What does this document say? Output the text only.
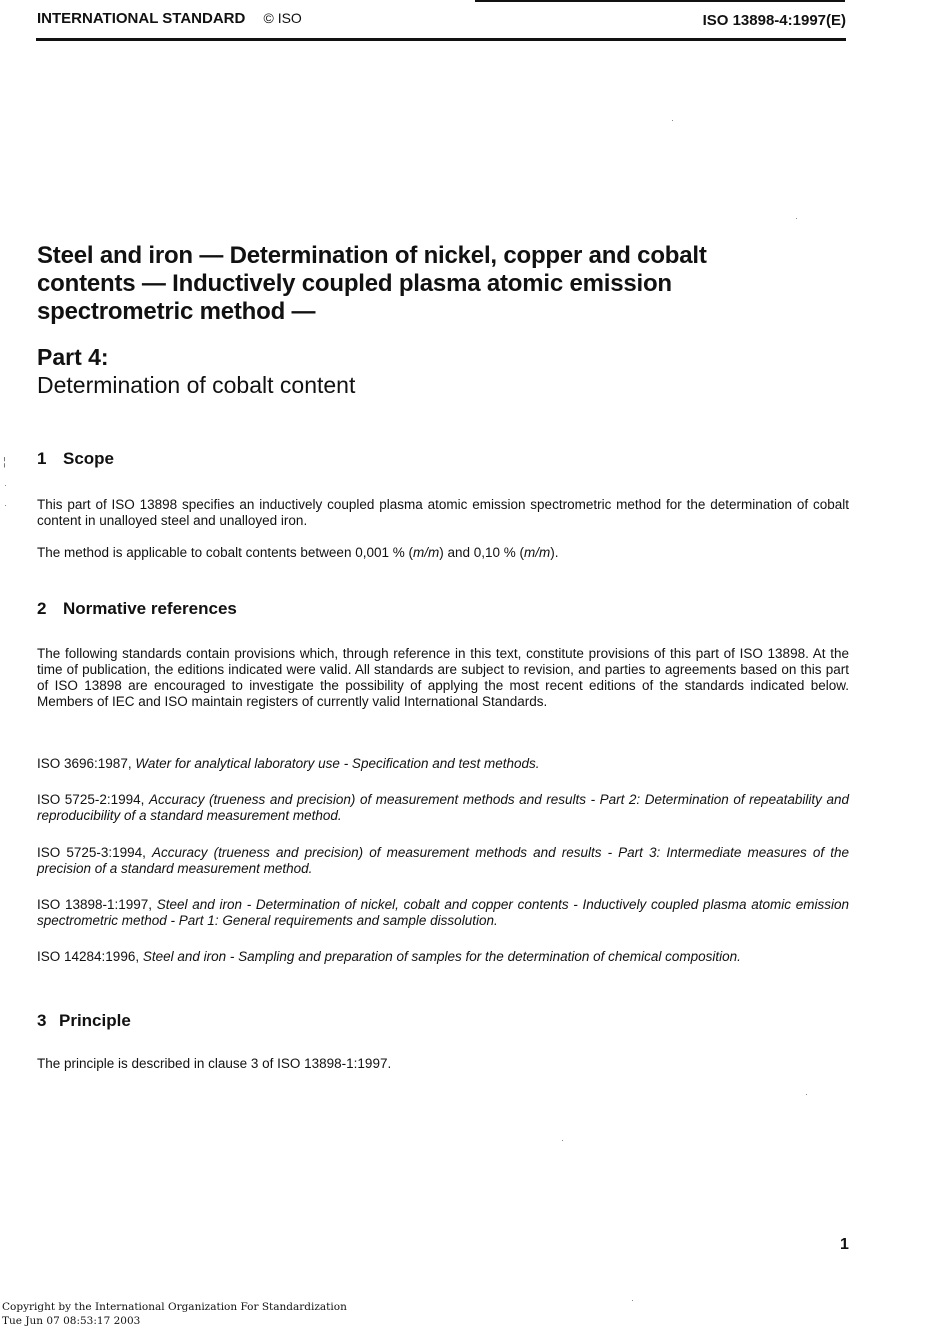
INTERNATIONAL STANDARD © ISO	ISO 13898-4:1997(E)
Steel and iron — Determination of nickel, copper and cobalt contents — Inductively coupled plasma atomic emission spectrometric method —
Part 4:
Determination of cobalt content
¦ 1 Scope
This part of ISO 13898 specifies an inductively coupled plasma atomic emission spectrometric method for the determination of cobalt content in unalloyed steel and unalloyed iron.
The method is applicable to cobalt contents between 0,001 % (m/m) and 0,10 % (m/m).
2 Normative references
The following standards contain provisions which, through reference in this text, constitute provisions of this part of ISO 13898. At the time of publication, the editions indicated were valid. All standards are subject to revision, and parties to agreements based on this part of ISO 13898 are encouraged to investigate the possibility of applying the most recent editions of the standards indicated below. Members of IEC and ISO maintain registers of currently valid International Standards.
ISO 3696:1987, Water for analytical laboratory use - Specification and test methods.
ISO 5725-2:1994, Accuracy (trueness and precision) of measurement methods and results - Part 2: Determination of repeatability and reproducibility of a standard measurement method.
ISO 5725-3:1994, Accuracy (trueness and precision) of measurement methods and results - Part 3: Intermediate measures of the precision of a standard measurement method.
ISO 13898-1:1997, Steel and iron - Determination of nickel, cobalt and copper contents - Inductively coupled plasma atomic emission spectrometric method - Part 1: General requirements and sample dissolution.
ISO 14284:1996, Steel and iron - Sampling and preparation of samples for the determination of chemical composition.
3 Principle
The principle is described in clause 3 of ISO 13898-1:1997.
1
Copyright by the International Organization For Standardization
Tue Jun 07 08:53:17 2003
